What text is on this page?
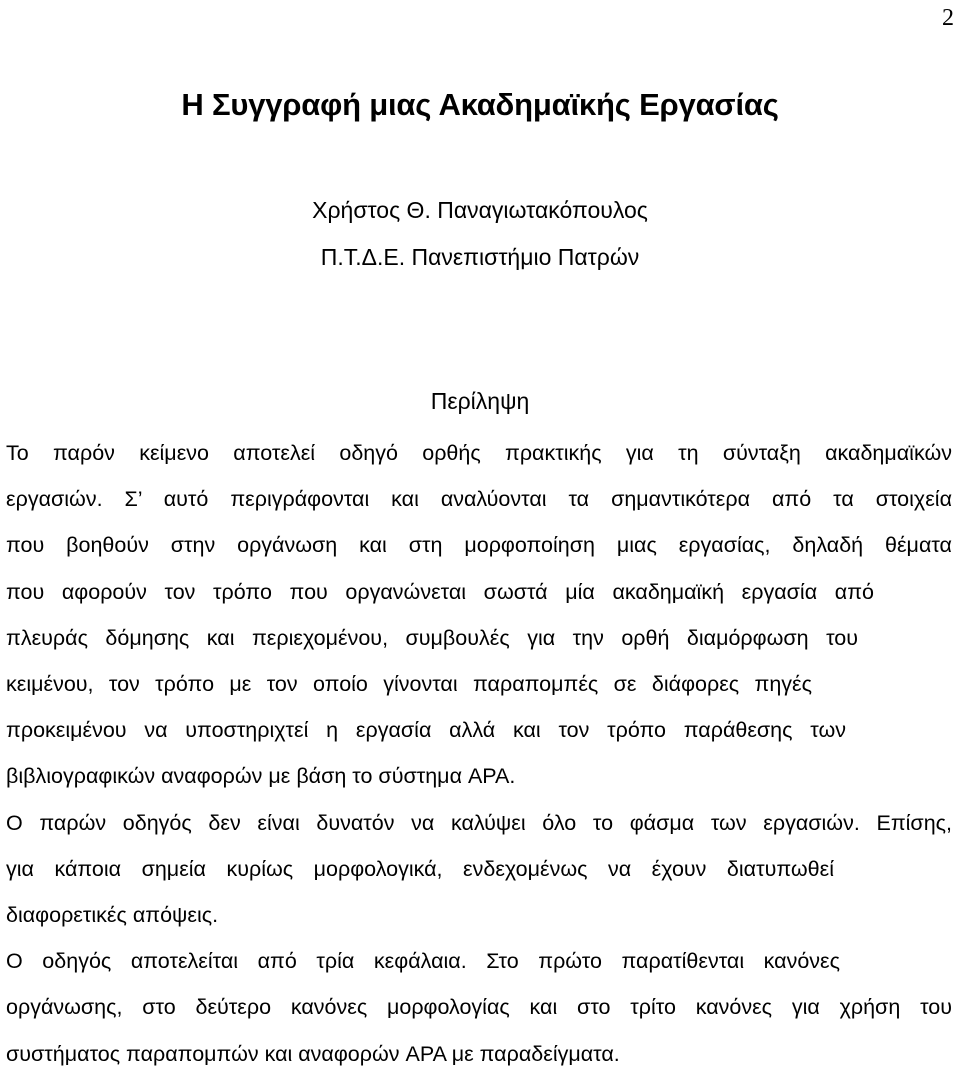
2
Η Συγγραφή μιας Ακαδημαϊκής Εργασίας
Χρήστος Θ. Παναγιωτακόπουλος
Π.Τ.Δ.Ε. Πανεπιστήμιο Πατρών
Περίληψη

Το παρόν κείμενο αποτελεί οδηγό ορθής πρακτικής για τη σύνταξη ακαδημαϊκών
εργασιών. Σ’ αυτό περιγράφονται και αναλύονται τα σημαντικότερα από τα στοιχεία
που βοηθούν στην οργάνωση και στη μορφοποίηση μιας εργασίας, δηλαδή θέματα
που αφορούν τον τρόπο που οργανώνεται σωστά μία ακαδημαϊκή εργασία από
πλευράς δόμησης και περιεχομένου, συμβουλές για την ορθή διαμόρφωση του
κειμένου, τον τρόπο με τον οποίο γίνονται παραπομπές σε διάφορες πηγές
προκειμένου να υποστηριχτεί η εργασία αλλά και τον τρόπο παράθεσης των
βιβλιογραφικών αναφορών με βάση το σύστημα APA.

Ο παρών οδηγός δεν είναι δυνατόν να καλύψει όλο το φάσμα των εργασιών. Επίσης,
για κάποια σημεία κυρίως μορφολογικά, ενδεχομένως να έχουν διατυπωθεί
διαφορετικές απόψεις.

Ο οδηγός αποτελείται από τρία κεφάλαια. Στο πρώτο παρατίθενται κανόνες
οργάνωσης, στο δεύτερο κανόνες μορφολογίας και στο τρίτο κανόνες για χρήση του
συστήματος παραπομπών και αναφορών APA με παραδείγματα.
